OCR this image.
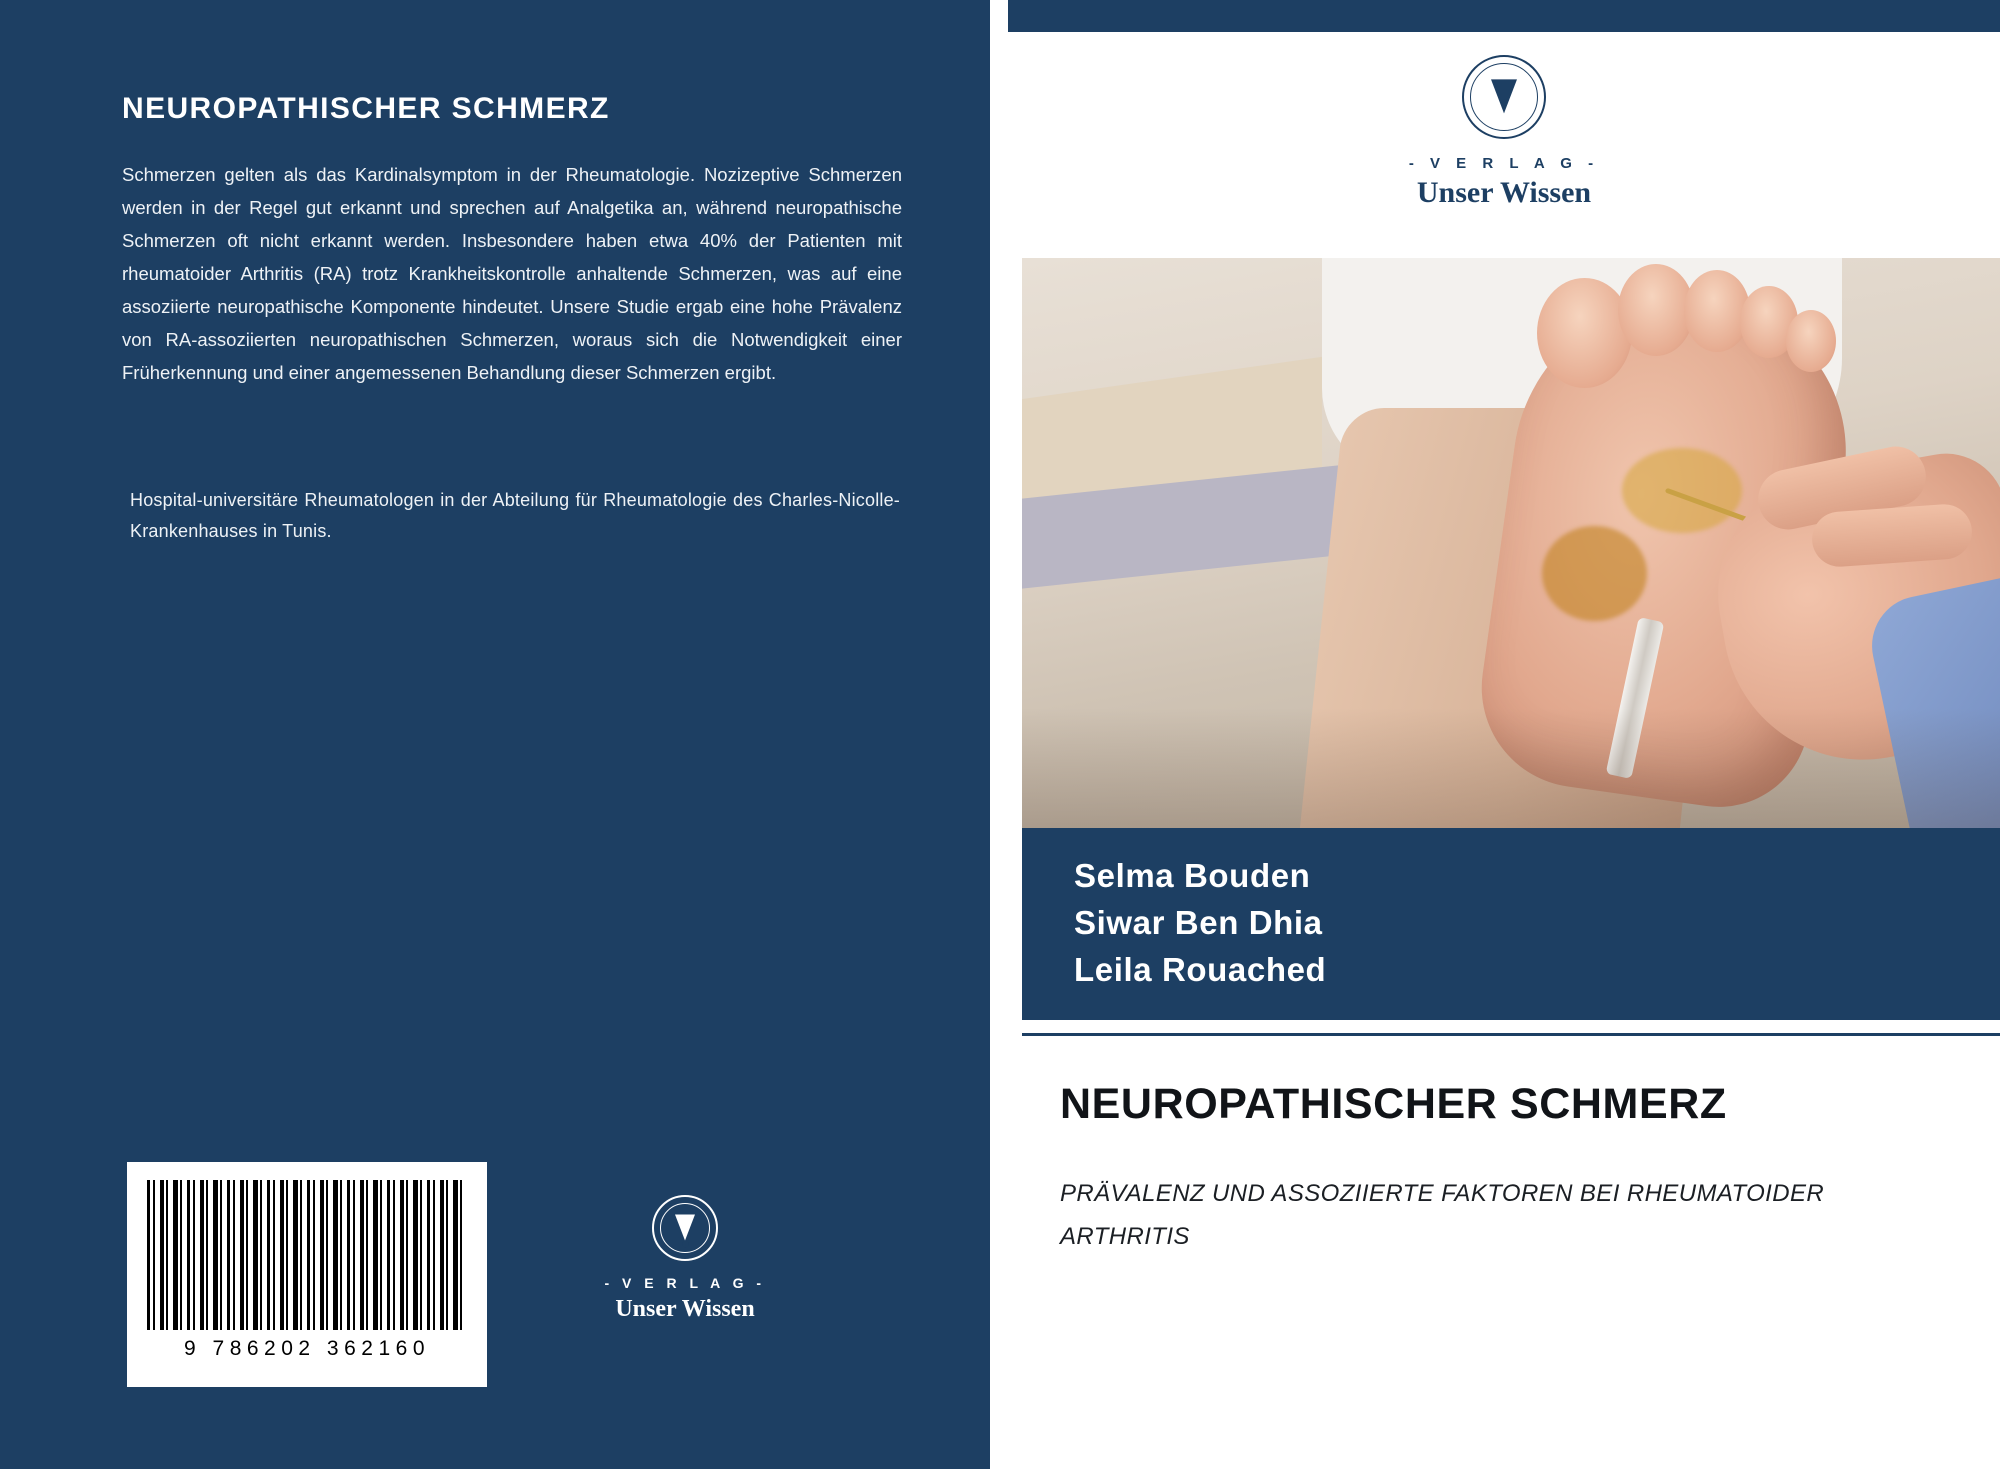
NEUROPATHISCHER SCHMERZ

Schmerzen gelten als das Kardinalsymptom in der Rheumatologie. Nozizeptive Schmerzen werden in der Regel gut erkannt und sprechen auf Analgetika an, während neuropathische Schmerzen oft nicht erkannt werden. Insbesondere haben etwa 40% der Patienten mit rheumatoider Arthritis (RA) trotz Krankheitskontrolle anhaltende Schmerzen, was auf eine assoziierte neuropathische Komponente hindeutet. Unsere Studie ergab eine hohe Prävalenz von RA-assoziierten neuropathischen Schmerzen, woraus sich die Notwendigkeit einer Früherkennung und einer angemessenen Behandlung dieser Schmerzen ergibt.

Hospital-universitäre Rheumatologen in der Abteilung für Rheumatologie des Charles-Nicolle-Krankenhauses in Tunis.
9 786202 362160
- V E R L A G -
Unser Wissen
- V E R L A G -
Unser Wissen
Selma Bouden
Siwar Ben Dhia
Leila Rouached
NEUROPATHISCHER SCHMERZ
PRÄVALENZ UND ASSOZIIERTE FAKTOREN BEI RHEUMATOIDER ARTHRITIS
